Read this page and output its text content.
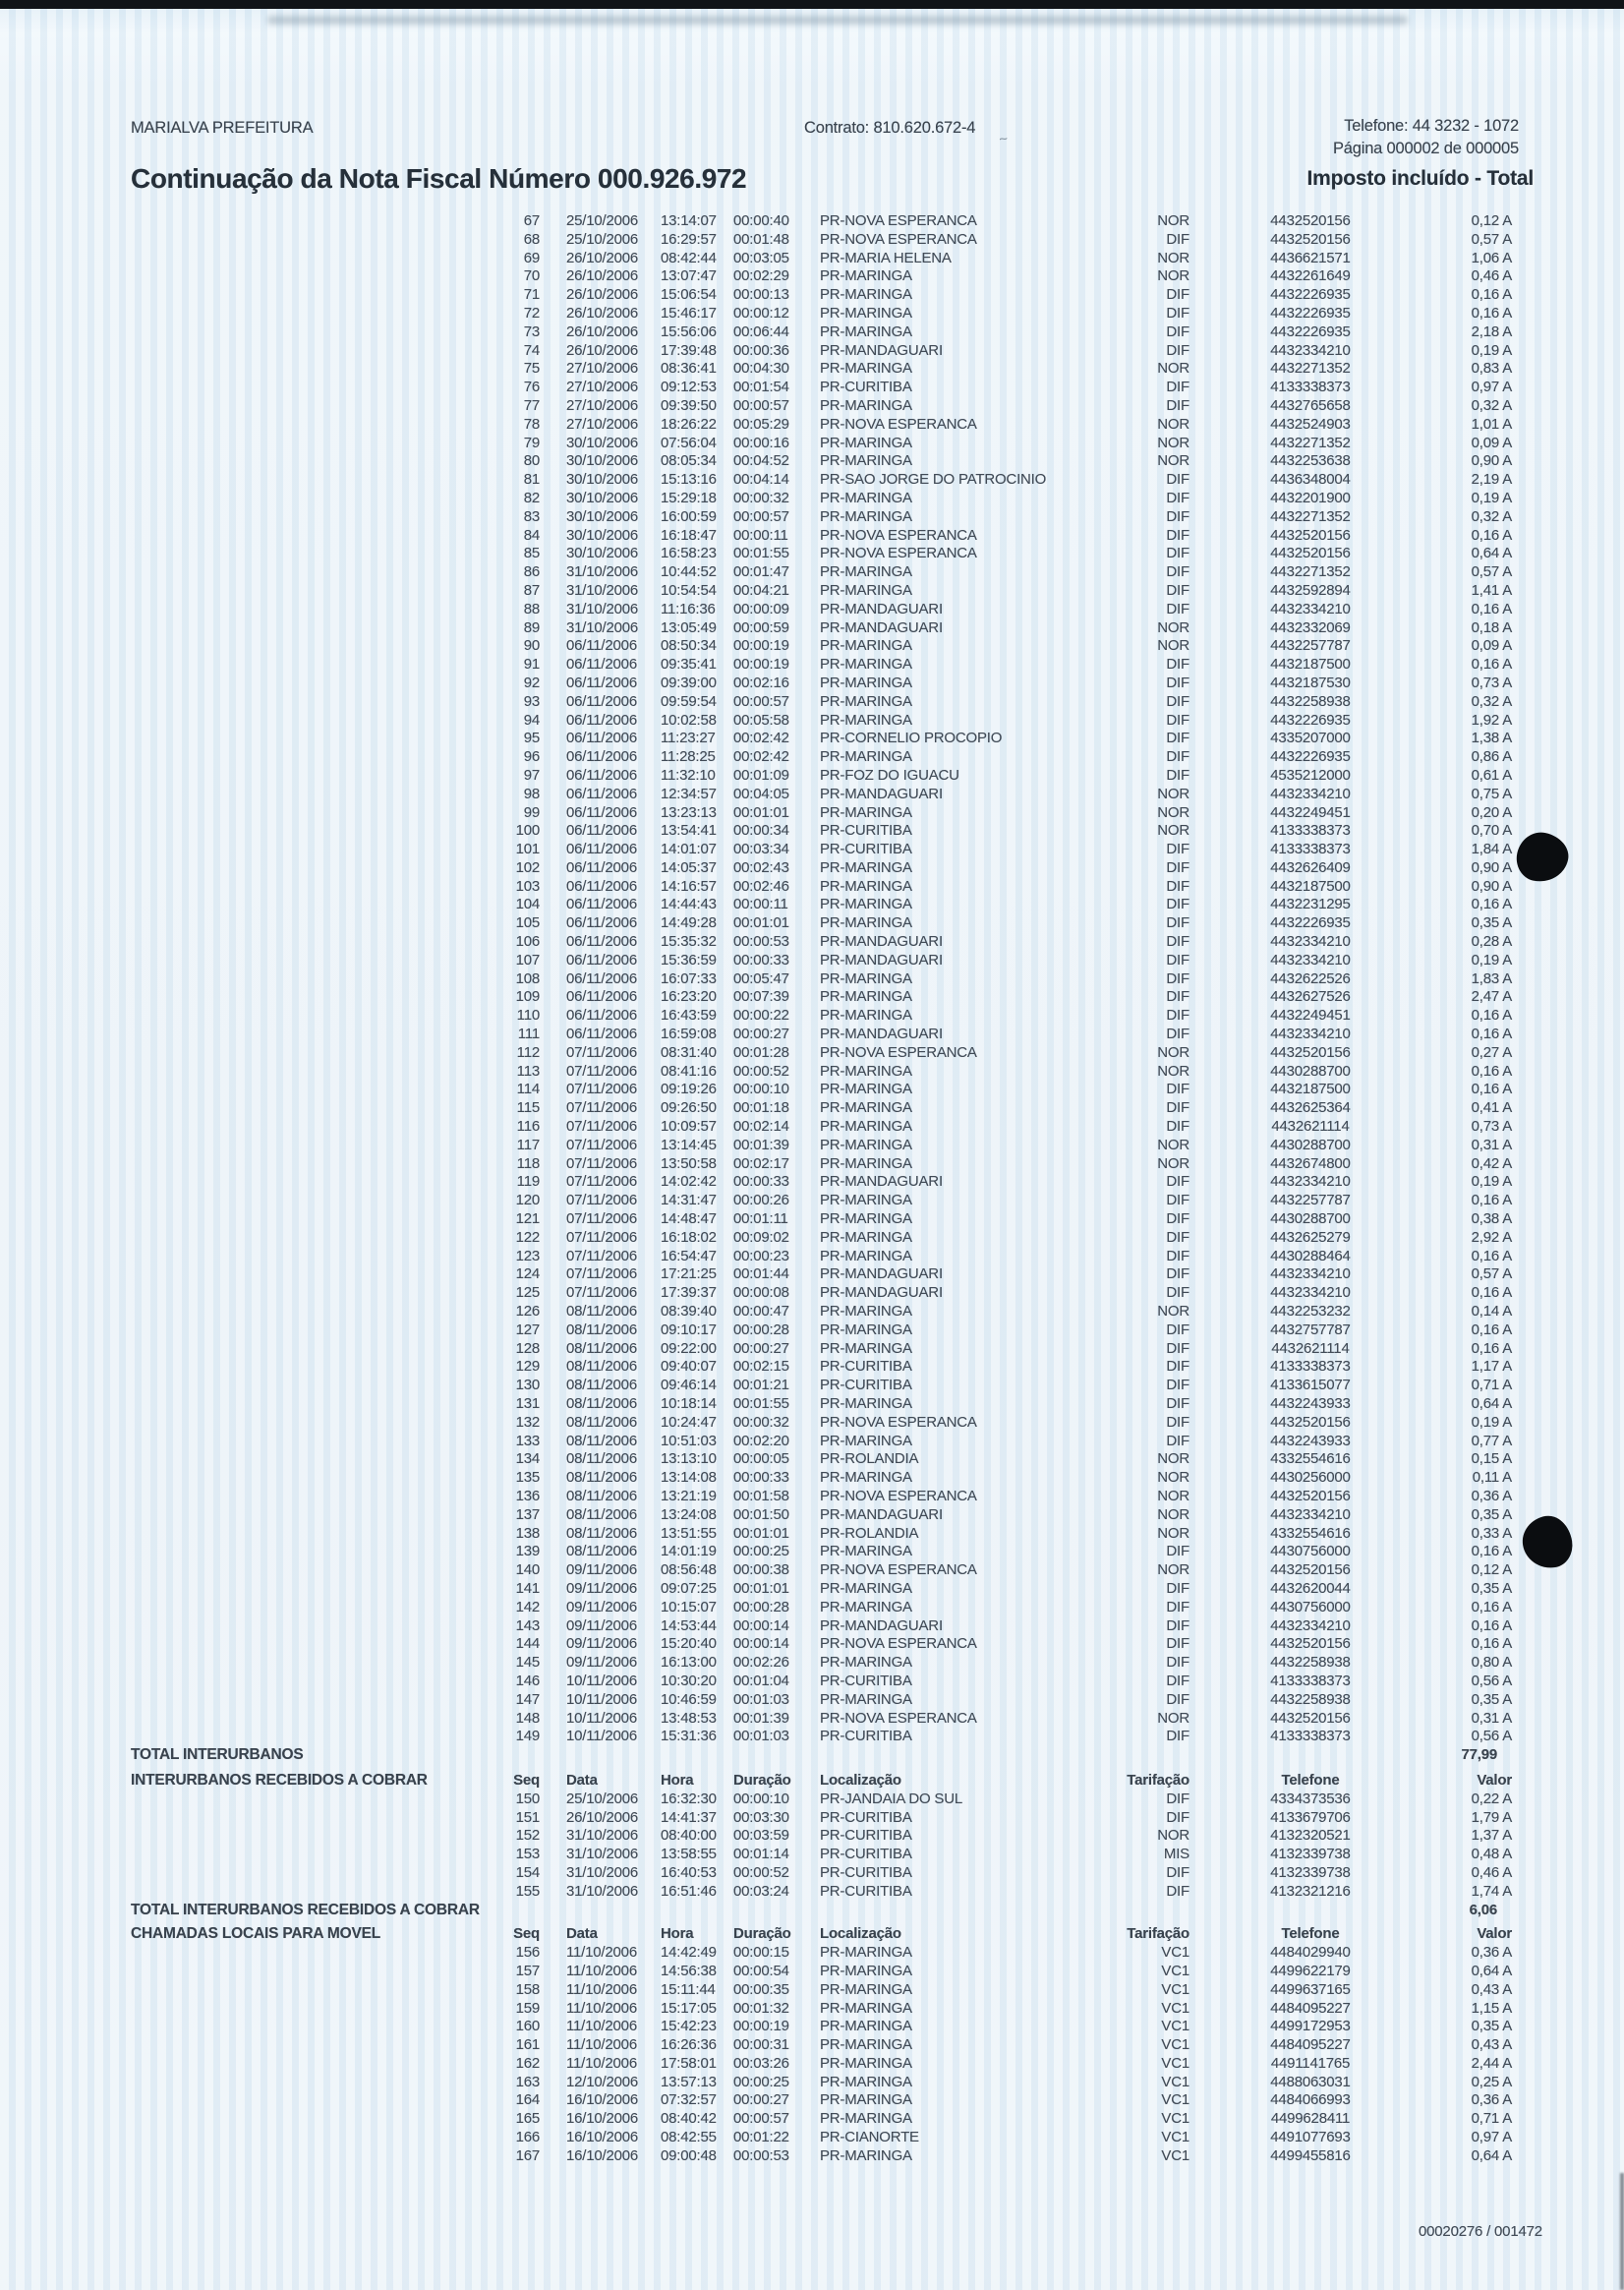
MARIALVA PREFEITURA	Contrato: 810.620.672-4
~
Telefone: 44 3232 - 1072
Página 000002 de 000005
Continuação da Nota Fiscal Número 000.926.972	Imposto incluído - Total
67 25/10/2006	13:14:07	00:00:40	PR-NOVA ESPERANCA	NOR	4432520156	0,12 A
68 25/10/2006	16:29:57	00:01:48	PR-NOVA ESPERANCA	DIF	4432520156	0,57 A
69 26/10/2006	08:42:44	00:03:05	PR-MARIA HELENA	NOR	4436621571	1,06 A
70 26/10/2006	13:07:47	00:02:29	PR-MARINGA	NOR	4432261649	0,46 A
71 26/10/2006	15:06:54	00:00:13	PR-MARINGA	DIF	4432226935	0,16 A
72 26/10/2006	15:46:17	00:00:12	PR-MARINGA	DIF	4432226935	0,16 A
73 26/10/2006	15:56:06	00:06:44	PR-MARINGA	DIF	4432226935	2,18 A
74 26/10/2006	17:39:48	00:00:36	PR-MANDAGUARI	DIF	4432334210	0,19 A
75 27/10/2006	08:36:41	00:04:30	PR-MARINGA	NOR	4432271352	0,83 A
76 27/10/2006	09:12:53	00:01:54	PR-CURITIBA	DIF	4133338373	0,97 A
77 27/10/2006	09:39:50	00:00:57	PR-MARINGA	DIF	4432765658	0,32 A
78 27/10/2006	18:26:22	00:05:29	PR-NOVA ESPERANCA	NOR	4432524903	1,01 A
79 30/10/2006	07:56:04	00:00:16	PR-MARINGA	NOR	4432271352	0,09 A
80 30/10/2006	08:05:34	00:04:52	PR-MARINGA	NOR	4432253638	0,90 A
81 30/10/2006	15:13:16	00:04:14	PR-SAO JORGE DO PATROCINIO	DIF	4436348004	2,19 A
82 30/10/2006	15:29:18	00:00:32	PR-MARINGA	DIF	4432201900	0,19 A
83 30/10/2006	16:00:59	00:00:57	PR-MARINGA	DIF	4432271352	0,32 A
84 30/10/2006	16:18:47	00:00:11	PR-NOVA ESPERANCA	DIF	4432520156	0,16 A
85 30/10/2006	16:58:23	00:01:55	PR-NOVA ESPERANCA	DIF	4432520156	0,64 A
86 31/10/2006	10:44:52	00:01:47	PR-MARINGA	DIF	4432271352	0,57 A
87 31/10/2006	10:54:54	00:04:21	PR-MARINGA	DIF	4432592894	1,41 A
88 31/10/2006	11:16:36	00:00:09	PR-MANDAGUARI	DIF	4432334210	0,16 A
89 31/10/2006	13:05:49	00:00:59	PR-MANDAGUARI	NOR	4432332069	0,18 A
90 06/11/2006	08:50:34	00:00:19	PR-MARINGA	NOR	4432257787	0,09 A
91 06/11/2006	09:35:41	00:00:19	PR-MARINGA	DIF	4432187500	0,16 A
92 06/11/2006	09:39:00	00:02:16	PR-MARINGA	DIF	4432187530	0,73 A
93 06/11/2006	09:59:54	00:00:57	PR-MARINGA	DIF	4432258938	0,32 A
94 06/11/2006	10:02:58	00:05:58	PR-MARINGA	DIF	4432226935	1,92 A
95 06/11/2006	11:23:27	00:02:42	PR-CORNELIO PROCOPIO	DIF	4335207000	1,38 A
96 06/11/2006	11:28:25	00:02:42	PR-MARINGA	DIF	4432226935	0,86 A
97 06/11/2006	11:32:10	00:01:09	PR-FOZ DO IGUACU	DIF	4535212000	0,61 A
98 06/11/2006	12:34:57	00:04:05	PR-MANDAGUARI	NOR	4432334210	0,75 A
99 06/11/2006	13:23:13	00:01:01	PR-MARINGA	NOR	4432249451	0,20 A
100 06/11/2006	13:54:41	00:00:34	PR-CURITIBA	NOR	4133338373	0,70 A
101 06/11/2006	14:01:07	00:03:34	PR-CURITIBA	DIF	4133338373	1,84 A
102 06/11/2006	14:05:37	00:02:43	PR-MARINGA	DIF	4432626409	0,90 A
103 06/11/2006	14:16:57	00:02:46	PR-MARINGA	DIF	4432187500	0,90 A
104 06/11/2006	14:44:43	00:00:11	PR-MARINGA	DIF	4432231295	0,16 A
105 06/11/2006	14:49:28	00:01:01	PR-MARINGA	DIF	4432226935	0,35 A
106 06/11/2006	15:35:32	00:00:53	PR-MANDAGUARI	DIF	4432334210	0,28 A
107 06/11/2006	15:36:59	00:00:33	PR-MANDAGUARI	DIF	4432334210	0,19 A
108 06/11/2006	16:07:33	00:05:47	PR-MARINGA	DIF	4432622526	1,83 A
109 06/11/2006	16:23:20	00:07:39	PR-MARINGA	DIF	4432627526	2,47 A
110 06/11/2006	16:43:59	00:00:22	PR-MARINGA	DIF	4432249451	0,16 A
111 06/11/2006	16:59:08	00:00:27	PR-MANDAGUARI	DIF	4432334210	0,16 A
112 07/11/2006	08:31:40	00:01:28	PR-NOVA ESPERANCA	NOR	4432520156	0,27 A
113 07/11/2006	08:41:16	00:00:52	PR-MARINGA	NOR	4430288700	0,16 A
114 07/11/2006	09:19:26	00:00:10	PR-MARINGA	DIF	4432187500	0,16 A
115 07/11/2006	09:26:50	00:01:18	PR-MARINGA	DIF	4432625364	0,41 A
116 07/11/2006	10:09:57	00:02:14	PR-MARINGA	DIF	4432621114	0,73 A
117 07/11/2006	13:14:45	00:01:39	PR-MARINGA	NOR	4430288700	0,31 A
118 07/11/2006	13:50:58	00:02:17	PR-MARINGA	NOR	4432674800	0,42 A
119 07/11/2006	14:02:42	00:00:33	PR-MANDAGUARI	DIF	4432334210	0,19 A
120 07/11/2006	14:31:47	00:00:26	PR-MARINGA	DIF	4432257787	0,16 A
121 07/11/2006	14:48:47	00:01:11	PR-MARINGA	DIF	4430288700	0,38 A
122 07/11/2006	16:18:02	00:09:02	PR-MARINGA	DIF	4432625279	2,92 A
123 07/11/2006	16:54:47	00:00:23	PR-MARINGA	DIF	4430288464	0,16 A
124 07/11/2006	17:21:25	00:01:44	PR-MANDAGUARI	DIF	4432334210	0,57 A
125 07/11/2006	17:39:37	00:00:08	PR-MANDAGUARI	DIF	4432334210	0,16 A
126 08/11/2006	08:39:40	00:00:47	PR-MARINGA	NOR	4432253232	0,14 A
127 08/11/2006	09:10:17	00:00:28	PR-MARINGA	DIF	4432757787	0,16 A
128 08/11/2006	09:22:00	00:00:27	PR-MARINGA	DIF	4432621114	0,16 A
129 08/11/2006	09:40:07	00:02:15	PR-CURITIBA	DIF	4133338373	1,17 A
130 08/11/2006	09:46:14	00:01:21	PR-CURITIBA	DIF	4133615077	0,71 A
131 08/11/2006	10:18:14	00:01:55	PR-MARINGA	DIF	4432243933	0,64 A
132 08/11/2006	10:24:47	00:00:32	PR-NOVA ESPERANCA	DIF	4432520156	0,19 A
133 08/11/2006	10:51:03	00:02:20	PR-MARINGA	DIF	4432243933	0,77 A
134 08/11/2006	13:13:10	00:00:05	PR-ROLANDIA	NOR	4332554616	0,15 A
135 08/11/2006	13:14:08	00:00:33	PR-MARINGA	NOR	4430256000	0,11 A
136 08/11/2006	13:21:19	00:01:58	PR-NOVA ESPERANCA	NOR	4432520156	0,36 A
137 08/11/2006	13:24:08	00:01:50	PR-MANDAGUARI	NOR	4432334210	0,35 A
138 08/11/2006	13:51:55	00:01:01	PR-ROLANDIA	NOR	4332554616	0,33 A
139 08/11/2006	14:01:19	00:00:25	PR-MARINGA	DIF	4430756000	0,16 A
140 09/11/2006	08:56:48	00:00:38	PR-NOVA ESPERANCA	NOR	4432520156	0,12 A
141 09/11/2006	09:07:25	00:01:01	PR-MARINGA	DIF	4432620044	0,35 A
142 09/11/2006	10:15:07	00:00:28	PR-MARINGA	DIF	4430756000	0,16 A
143 09/11/2006	14:53:44	00:00:14	PR-MANDAGUARI	DIF	4432334210	0,16 A
144 09/11/2006	15:20:40	00:00:14	PR-NOVA ESPERANCA	DIF	4432520156	0,16 A
145 09/11/2006	16:13:00	00:02:26	PR-MARINGA	DIF	4432258938	0,80 A
146 10/11/2006	10:30:20	00:01:04	PR-CURITIBA	DIF	4133338373	0,56 A
147 10/11/2006	10:46:59	00:01:03	PR-MARINGA	DIF	4432258938	0,35 A
148 10/11/2006	13:48:53	00:01:39	PR-NOVA ESPERANCA	NOR	4432520156	0,31 A
149 10/11/2006	15:31:36	00:01:03	PR-CURITIBA	DIF	4133338373	0,56 A
TOTAL INTERURBANOS	77,99
INTERURBANOS RECEBIDOS A COBRAR	Seq Data	Hora	Duração	Localização	Tarifação	Telefone	Valor
150 25/10/2006	16:32:30	00:00:10	PR-JANDAIA DO SUL	DIF	4334373536	0,22 A
151 26/10/2006	14:41:37	00:03:30	PR-CURITIBA	DIF	4133679706	1,79 A
152 31/10/2006	08:40:00	00:03:59	PR-CURITIBA	NOR	4132320521	1,37 A
153 31/10/2006	13:58:55	00:01:14	PR-CURITIBA	MIS	4132339738	0,48 A
154 31/10/2006	16:40:53	00:00:52	PR-CURITIBA	DIF	4132339738	0,46 A
155 31/10/2006	16:51:46	00:03:24	PR-CURITIBA	DIF	4132321216	1,74 A
TOTAL INTERURBANOS RECEBIDOS A COBRAR	6,06
CHAMADAS LOCAIS PARA MOVEL	Seq Data	Hora	Duração	Localização	Tarifação	Telefone	Valor
156 11/10/2006	14:42:49	00:00:15	PR-MARINGA	VC1	4484029940	0,36 A
157 11/10/2006	14:56:38	00:00:54	PR-MARINGA	VC1	4499622179	0,64 A
158 11/10/2006	15:11:44	00:00:35	PR-MARINGA	VC1	4499637165	0,43 A
159 11/10/2006	15:17:05	00:01:32	PR-MARINGA	VC1	4484095227	1,15 A
160 11/10/2006	15:42:23	00:00:19	PR-MARINGA	VC1	4499172953	0,35 A
161 11/10/2006	16:26:36	00:00:31	PR-MARINGA	VC1	4484095227	0,43 A
162 11/10/2006	17:58:01	00:03:26	PR-MARINGA	VC1	4491141765	2,44 A
163 12/10/2006	13:57:13	00:00:25	PR-MARINGA	VC1	4488063031	0,25 A
164 16/10/2006	07:32:57	00:00:27	PR-MARINGA	VC1	4484066993	0,36 A
165 16/10/2006	08:40:42	00:00:57	PR-MARINGA	VC1	4499628411	0,71 A
166 16/10/2006	08:42:55	00:01:22	PR-CIANORTE	VC1	4491077693	0,97 A
167 16/10/2006	09:00:48	00:00:53	PR-MARINGA	VC1	4499455816	0,64 A
00020276 / 001472
